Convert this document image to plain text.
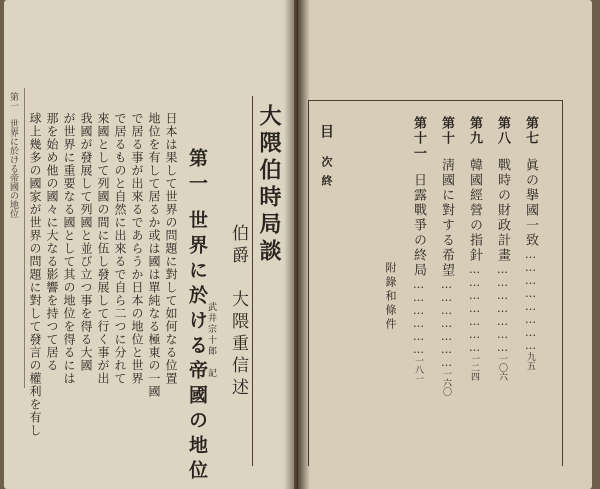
第一　世界に於ける帝國の地位	日本は果して世界の問題に對して如何なる位置
地位を有して居るか或は國は單純なる極東の一國
で居る事が出來るであらうか日本の地位と世界
で居るものと自然に出來るで自ら二つに分れて
來國として列國の間に伍し發展して行く事が出
我國が發展して列國と並び立つ事を得る大國
が世界に重要なる國として其の地位を得るには
那を始め他の國々に大なる影響を持つて居る
球上幾多の國家が世界の問題に對して發言の權利を有し	第一
世界に於ける帝國の地位
武井宗十郎　記 伯爵　大隈重信述
大隈伯時局談	目
次終
附錄和條件
第七眞の擧國一致……………………九五
第八戰時の財政計畫…………………一〇六
第九韓國經營の指針…………………一二四
第十淸國に對する希望…………………一六〇
第十一日露戰爭の終局………………一八一
